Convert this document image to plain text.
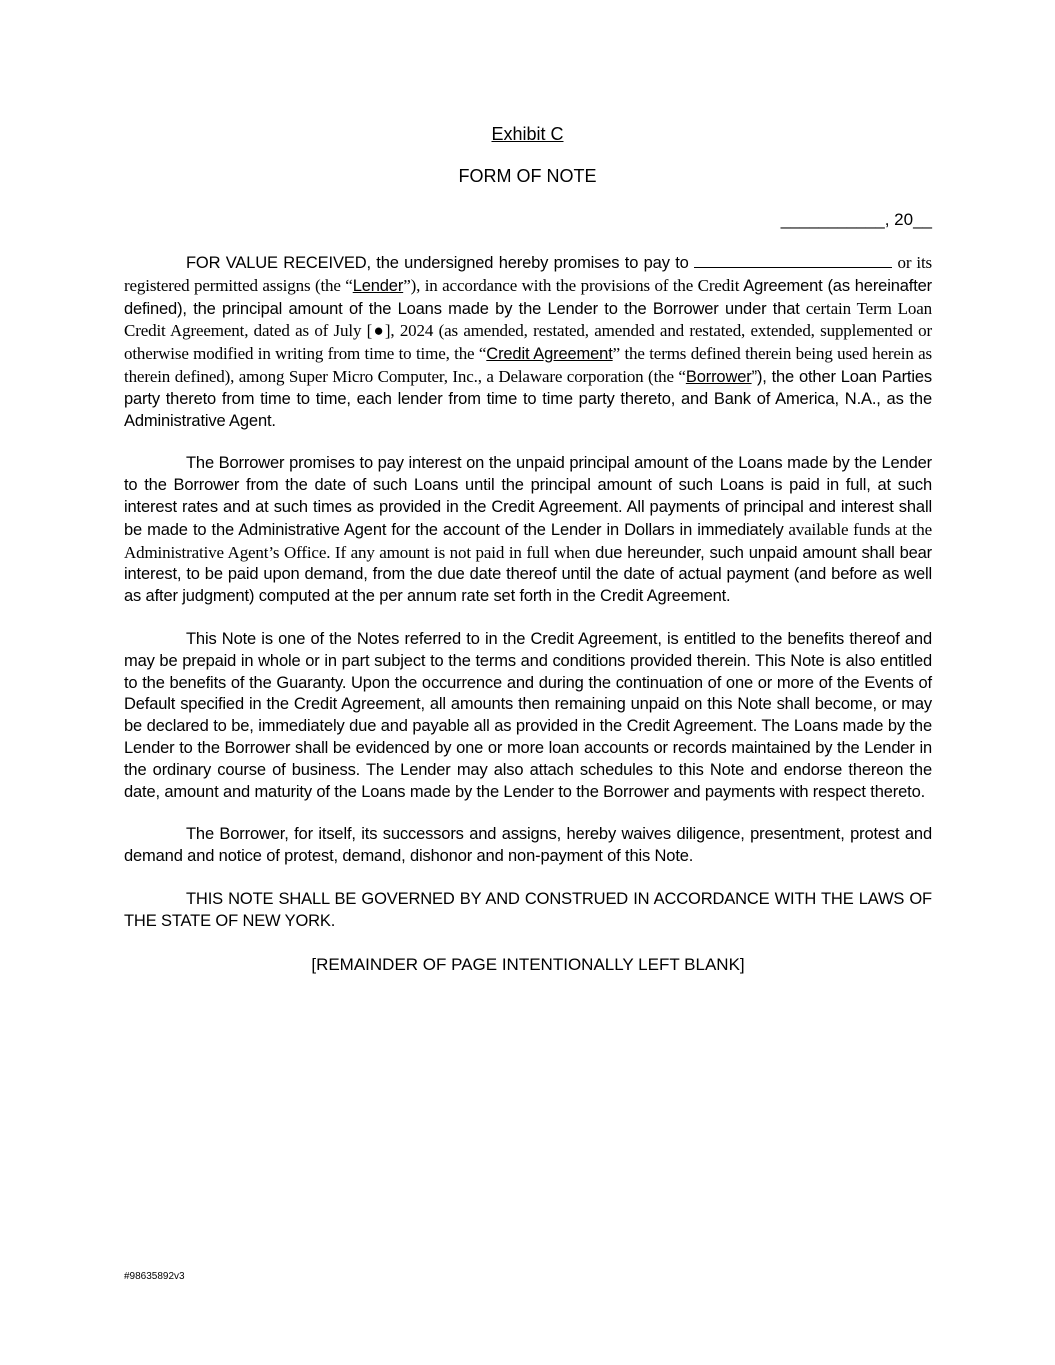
Exhibit C
FORM OF NOTE
___________, 20__

FOR VALUE RECEIVED, the undersigned hereby promises to pay to	or its registered permitted assigns (the “Lender”), in accordance with the provisions of the Credit Agreement (as hereinafter defined), the principal amount of the Loans made by the Lender to the Borrower under that certain Term Loan Credit Agreement, dated as of July [●], 2024 (as amended, restated, amended and restated, extended, supplemented or otherwise modified in writing from time to time, the “Credit Agreement” the terms defined therein being used herein as therein defined), among Super Micro Computer, Inc., a Delaware corporation (the “Borrower”), the other Loan Parties party thereto from time to time, each lender from time to time party thereto, and Bank of America, N.A., as the Administrative Agent.

The Borrower promises to pay interest on the unpaid principal amount of the Loans made by the Lender to the Borrower from the date of such Loans until the principal amount of such Loans is paid in full, at such interest rates and at such times as provided in the Credit Agreement. All payments of principal and interest shall be made to the Administrative Agent for the account of the Lender in Dollars in immediately available funds at the Administrative Agent’s Office. If any amount is not paid in full when due hereunder, such unpaid amount shall bear interest, to be paid upon demand, from the due date thereof until the date of actual payment (and before as well as after judgment) computed at the per annum rate set forth in the Credit Agreement.

This Note is one of the Notes referred to in the Credit Agreement, is entitled to the benefits thereof and may be prepaid in whole or in part subject to the terms and conditions provided therein. This Note is also entitled to the benefits of the Guaranty. Upon the occurrence and during the continuation of one or more of the Events of Default specified in the Credit Agreement, all amounts then remaining unpaid on this Note shall become, or may be declared to be, immediately due and payable all as provided in the Credit Agreement. The Loans made by the Lender to the Borrower shall be evidenced by one or more loan accounts or records maintained by the Lender in the ordinary course of business. The Lender may also attach schedules to this Note and endorse thereon the date, amount and maturity of the Loans made by the Lender to the Borrower and payments with respect thereto.

The Borrower, for itself, its successors and assigns, hereby waives diligence, presentment, protest and demand and notice of protest, demand, dishonor and non-payment of this Note.

THIS NOTE SHALL BE GOVERNED BY AND CONSTRUED IN ACCORDANCE WITH THE LAWS OF THE STATE OF NEW YORK.

[REMAINDER OF PAGE INTENTIONALLY LEFT BLANK]

#98635892v3
